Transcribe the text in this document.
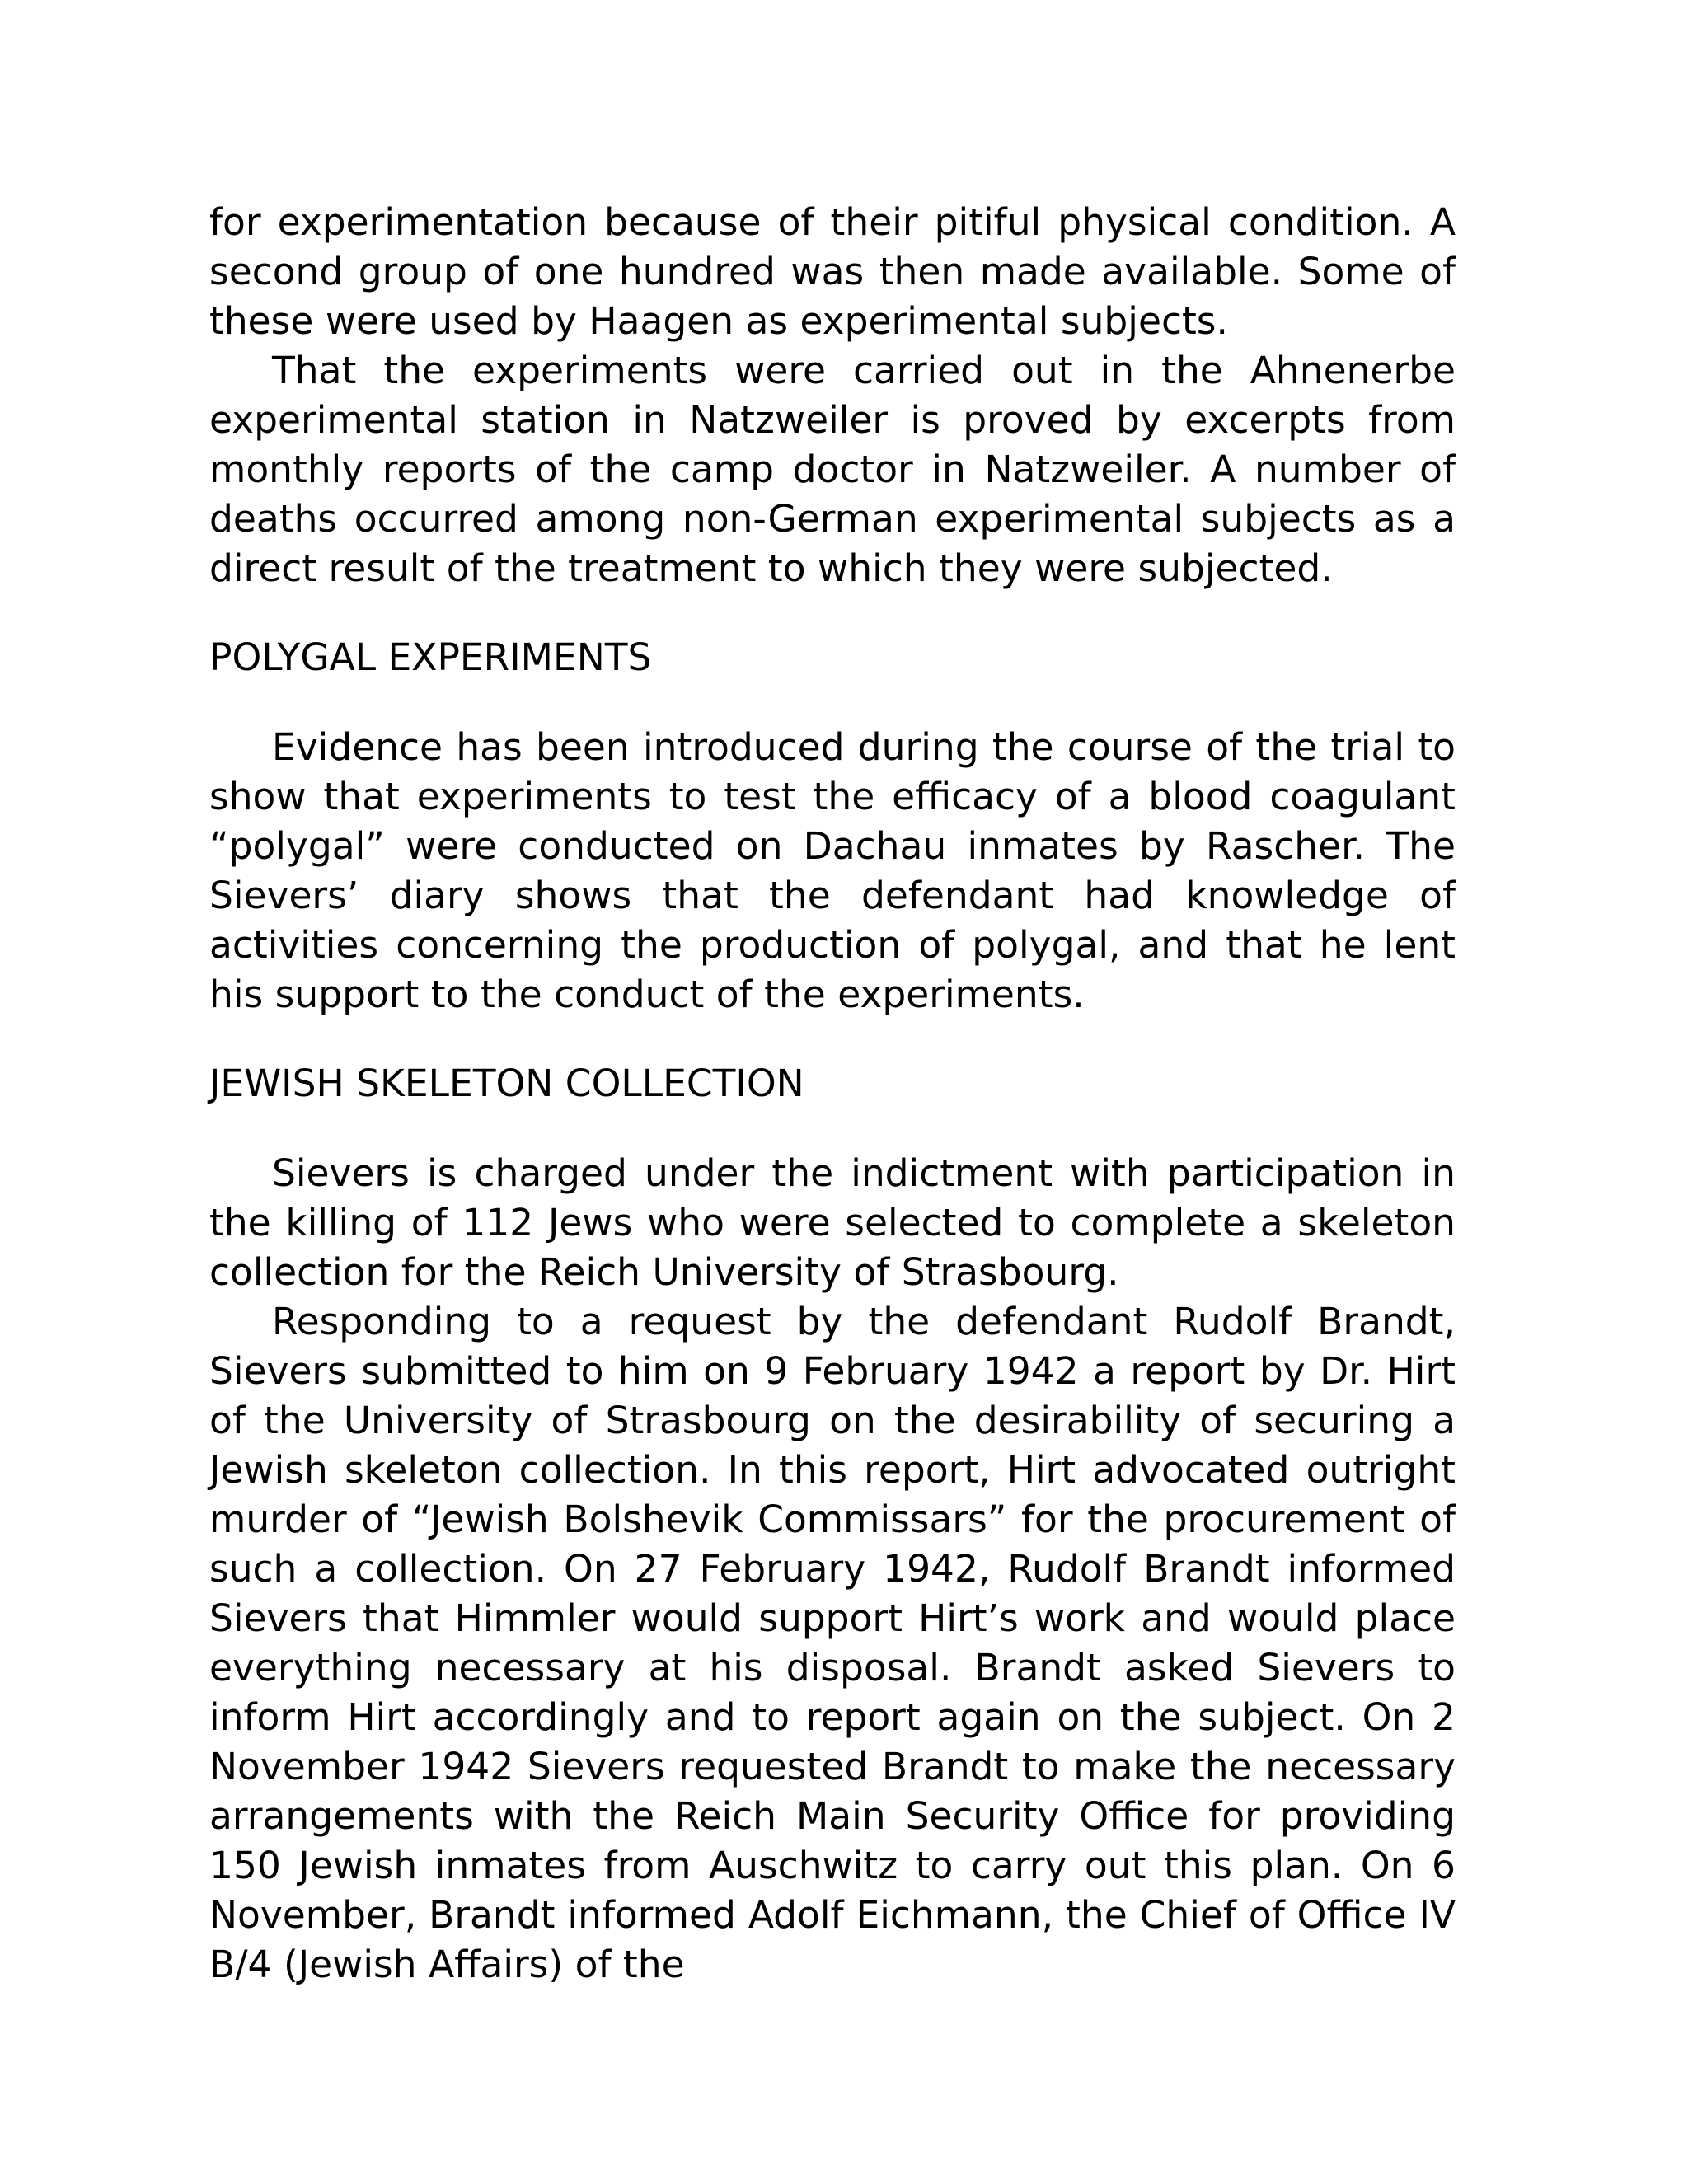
for experimentation because of their pitiful physical condition. A second group of one hundred was then made available. Some of these were used by Haagen as experimental subjects.

That the experiments were carried out in the Ahnenerbe experimental station in Natzweiler is proved by excerpts from monthly reports of the camp doctor in Natzweiler. A number of deaths occurred among non-German experimental subjects as a direct result of the treatment to which they were subjected.

POLYGAL EXPERIMENTS

Evidence has been introduced during the course of the trial to show that experiments to test the efficacy of a blood coagulant “polygal” were conducted on Dachau inmates by Rascher. The Sievers’ diary shows that the defendant had knowledge of activities concerning the production of polygal, and that he lent his support to the conduct of the experiments.

JEWISH SKELETON COLLECTION

Sievers is charged under the indictment with participation in the killing of 112 Jews who were selected to complete a skeleton collection for the Reich University of Strasbourg.

Responding to a request by the defendant Rudolf Brandt, Sievers submitted to him on 9 February 1942 a report by Dr. Hirt of the University of Strasbourg on the desirability of securing a Jewish skeleton collection. In this report, Hirt advocated outright murder of “Jewish Bolshevik Commissars” for the procurement of such a collection. On 27 February 1942, Rudolf Brandt informed Sievers that Himmler would support Hirt’s work and would place everything necessary at his disposal. Brandt asked Sievers to inform Hirt accordingly and to report again on the subject. On 2 November 1942 Sievers requested Brandt to make the necessary arrangements with the Reich Main Security Office for providing 150 Jewish inmates from Auschwitz to carry out this plan. On 6 November, Brandt informed Adolf Eichmann, the Chief of Office IV B/4 (Jewish Affairs) of the
